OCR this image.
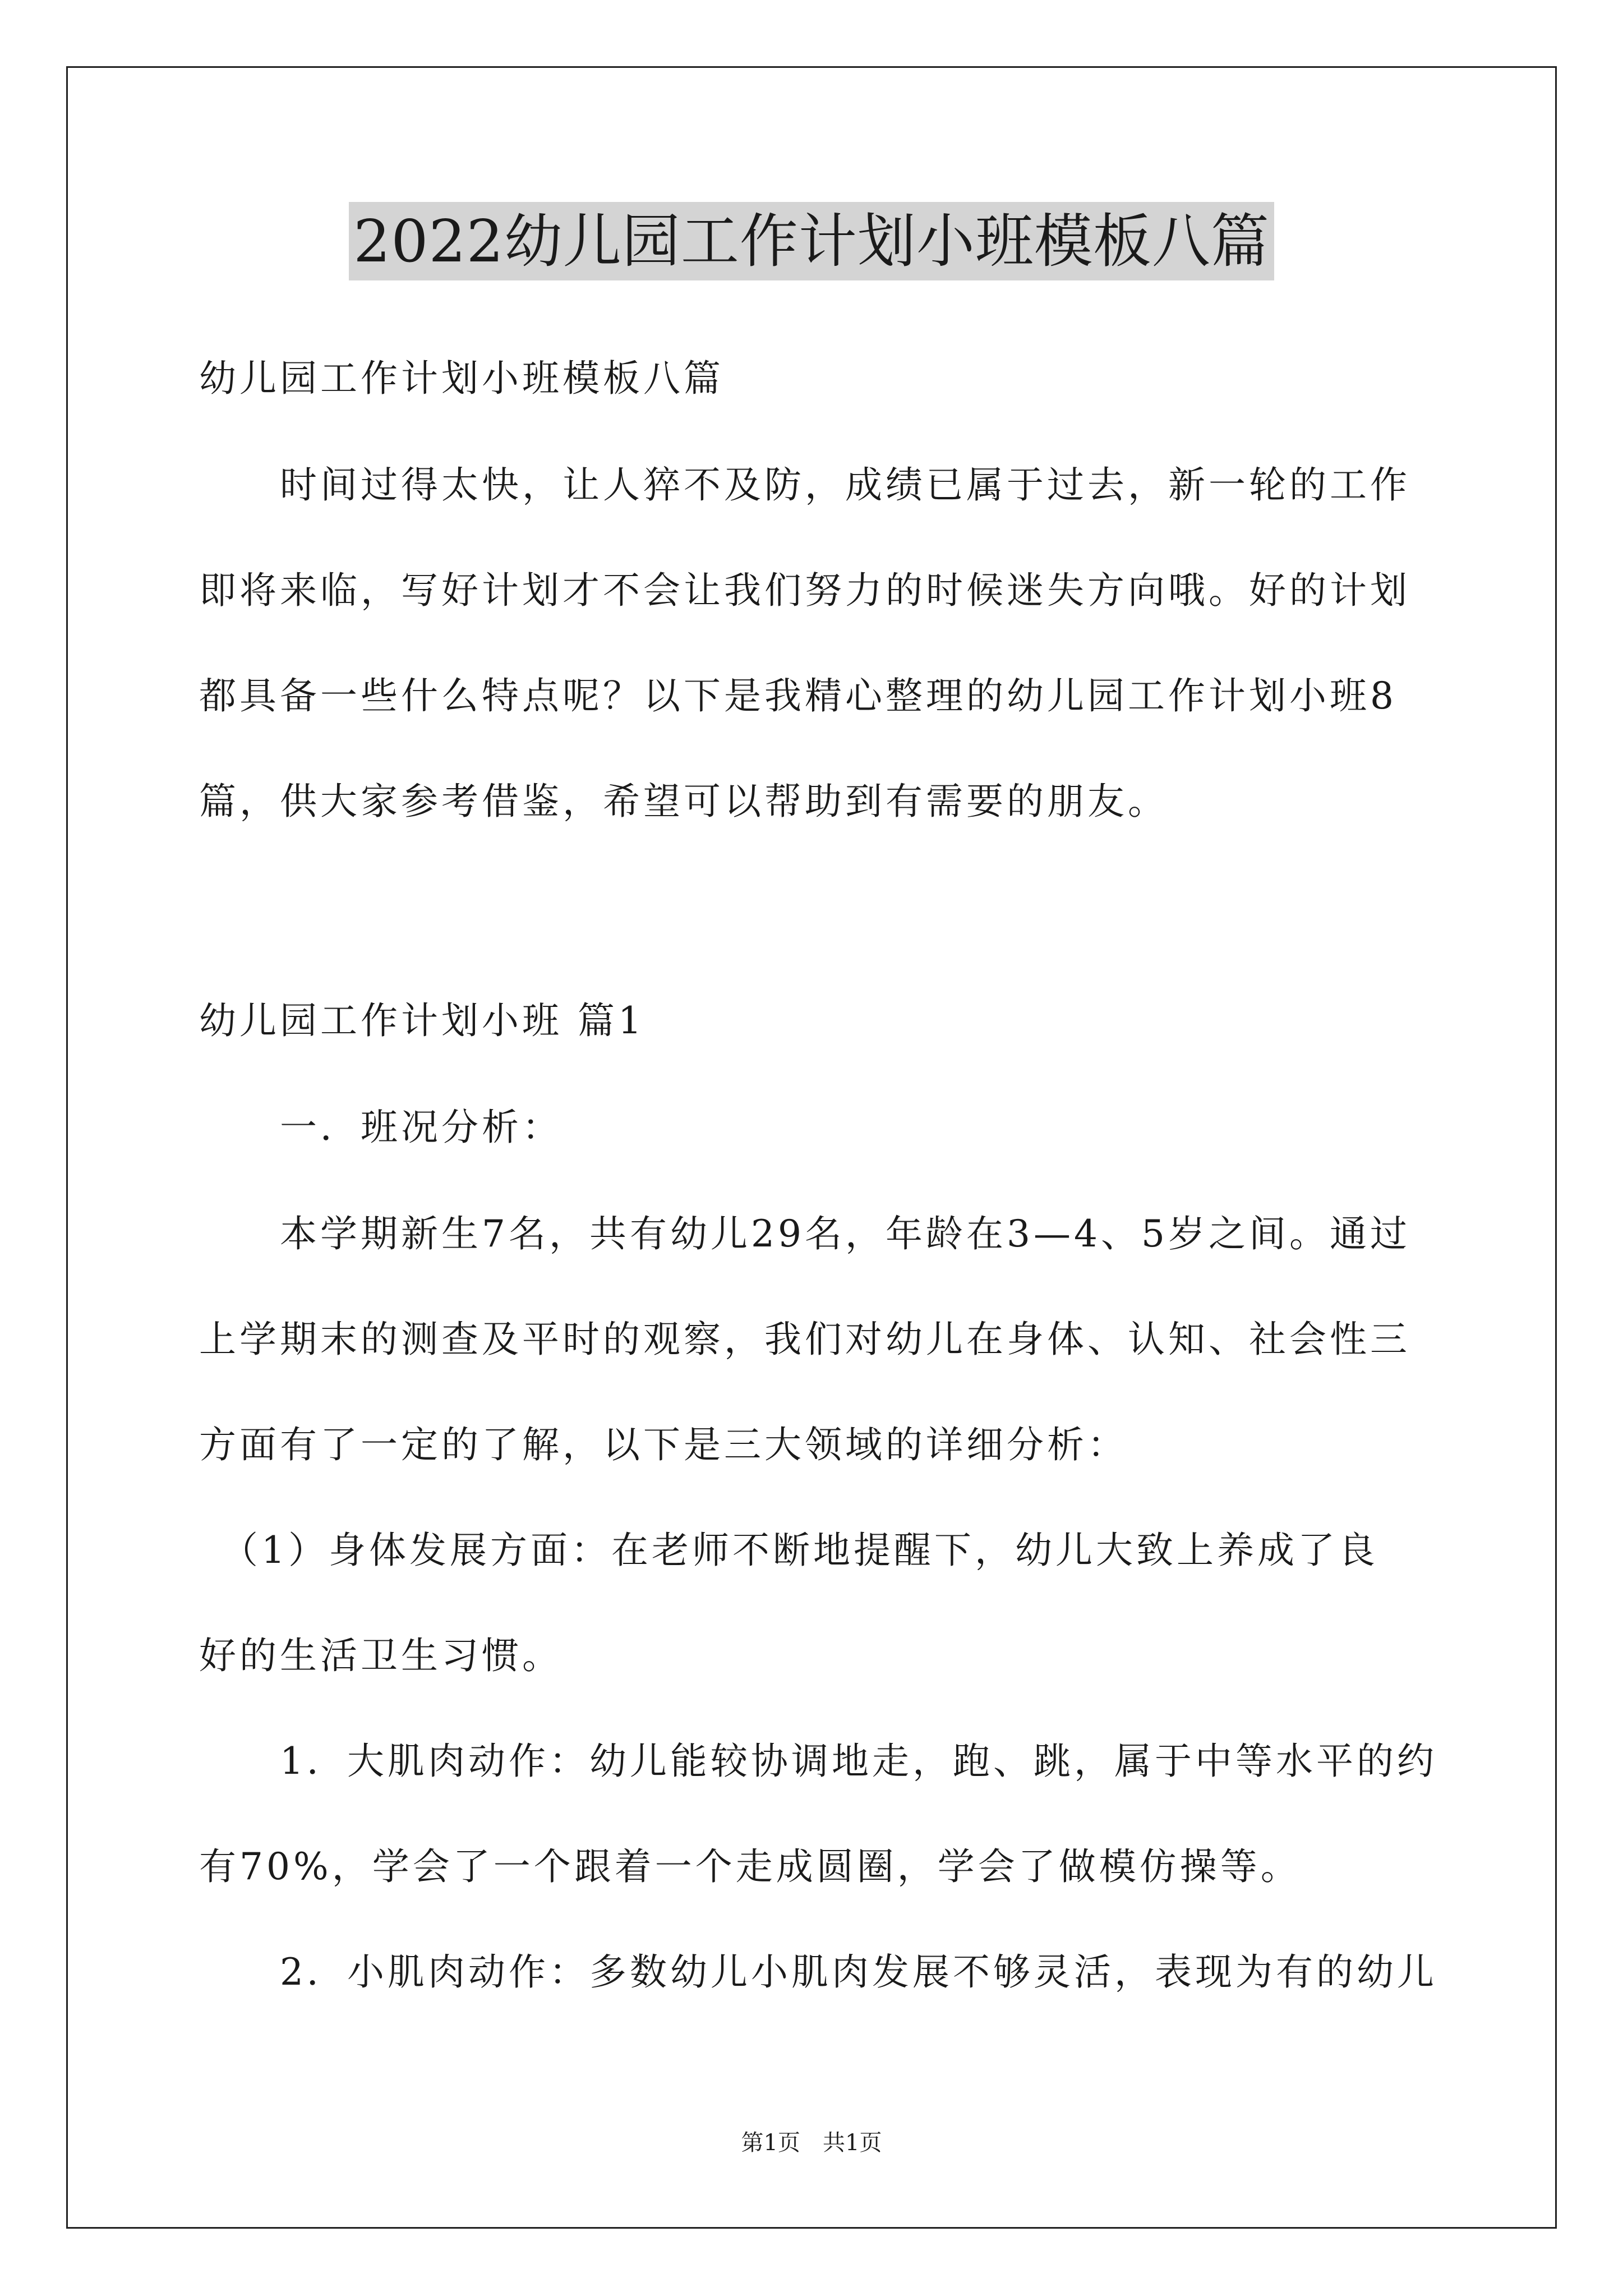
2022幼儿园工作计划小班模板八篇
幼儿园工作计划小班模板八篇
　　时间过得太快，让人猝不及防，成绩已属于过去，新一轮的工作
即将来临，写好计划才不会让我们努力的时候迷失方向哦。好的计划
都具备一些什么特点呢？以下是我精心整理的幼儿园工作计划小班8
篇，供大家参考借鉴，希望可以帮助到有需要的朋友。
幼儿园工作计划小班 篇1
　　一．班况分析：
　　本学期新生7名，共有幼儿29名，年龄在3—4、5岁之间。通过
上学期末的测查及平时的观察，我们对幼儿在身体、认知、社会性三
方面有了一定的了解，以下是三大领域的详细分析：
　（1）身体发展方面：在老师不断地提醒下，幼儿大致上养成了良
好的生活卫生习惯。
　　1．大肌肉动作：幼儿能较协调地走，跑、跳，属于中等水平的约
有70%，学会了一个跟着一个走成圆圈，学会了做模仿操等。
　　2．小肌肉动作：多数幼儿小肌肉发展不够灵活，表现为有的幼儿
第1页　共1页
